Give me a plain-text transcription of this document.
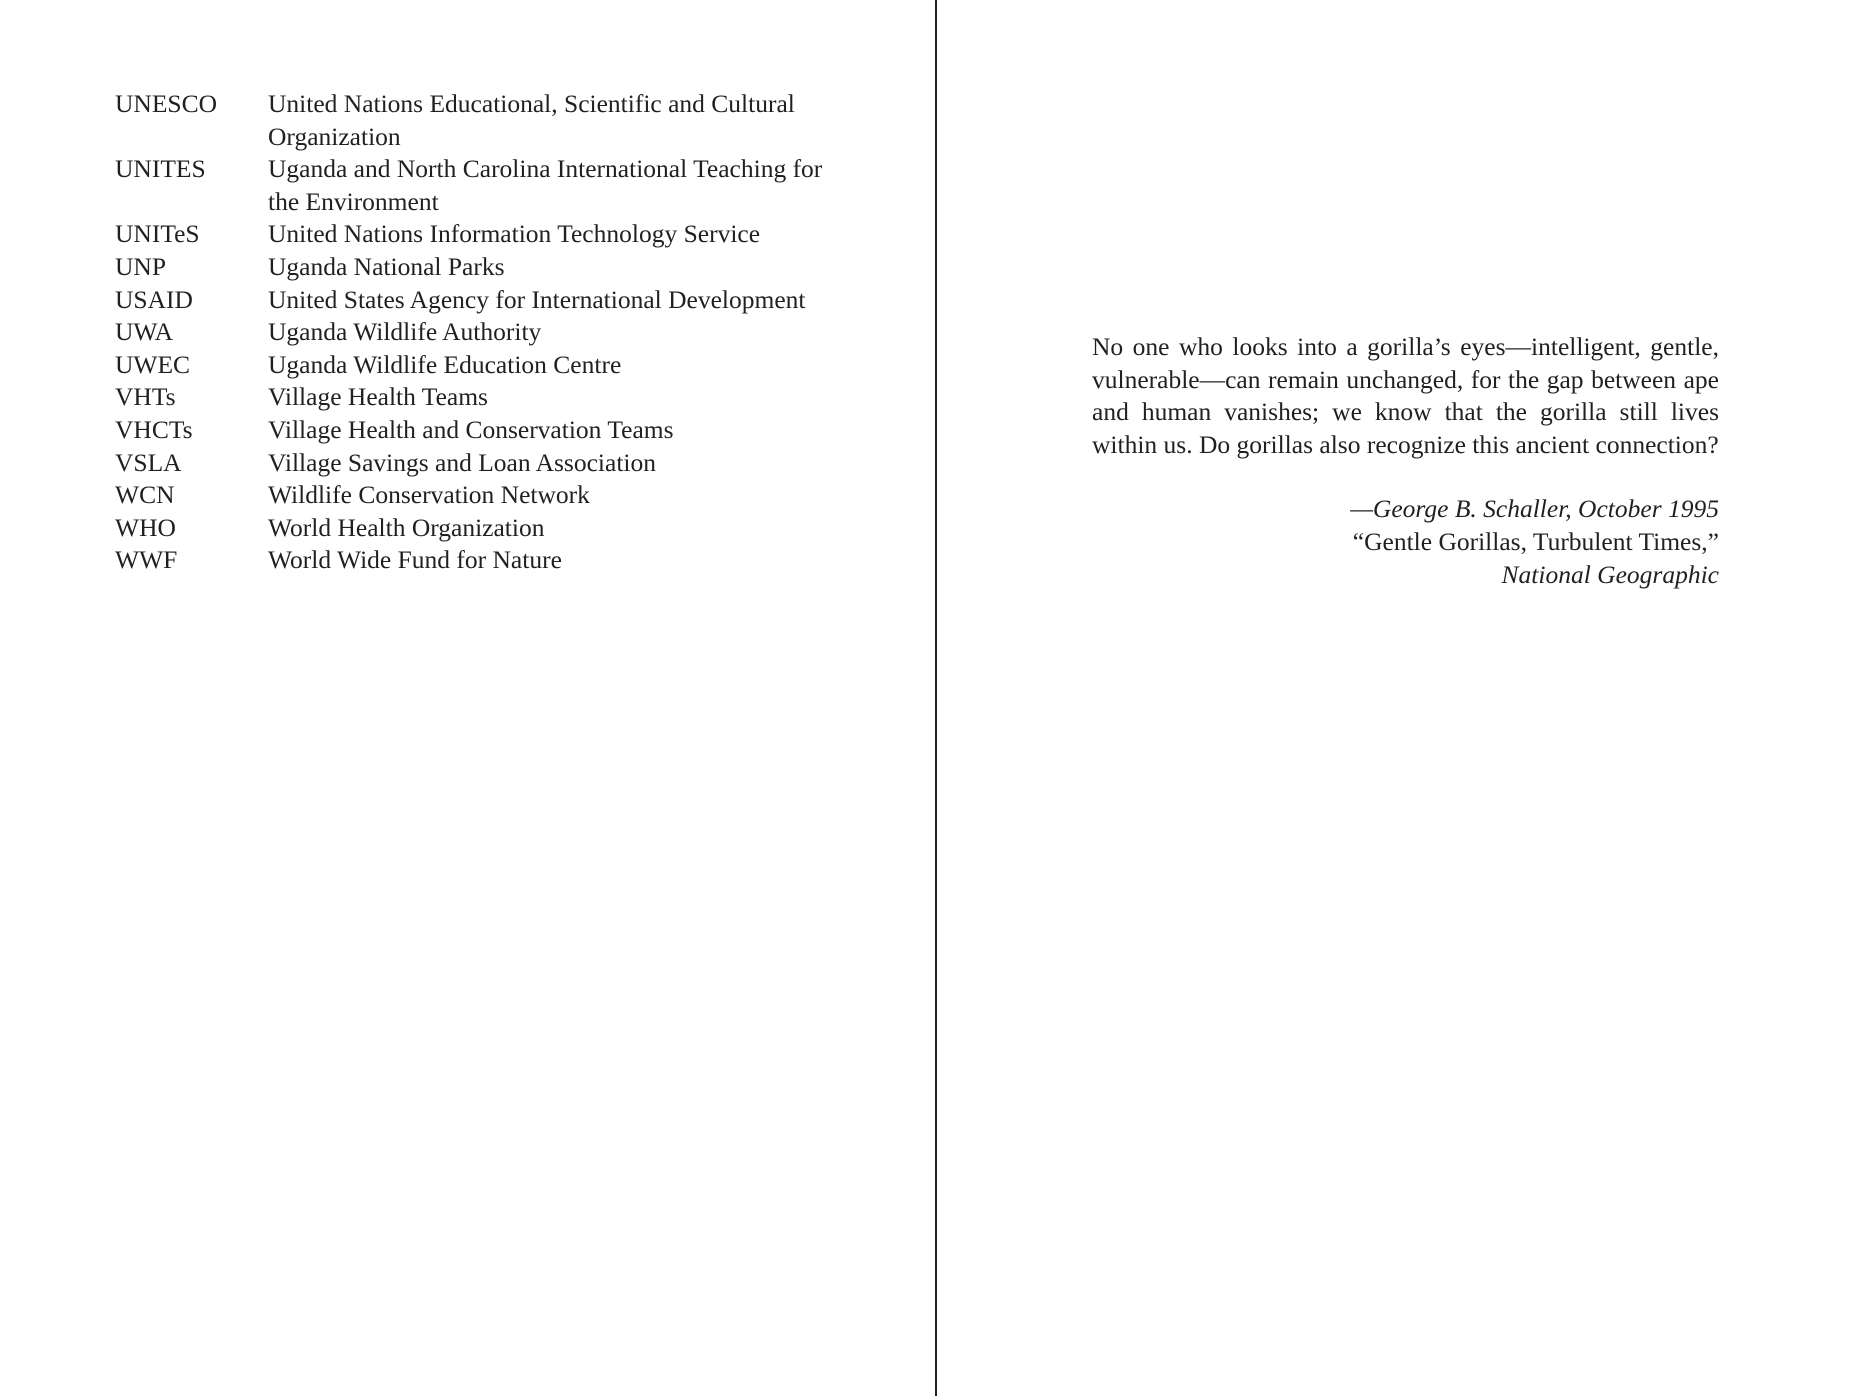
UNESCO	United Nations Educational, Scientific and Cultural Organization
UNITES	Uganda and North Carolina International Teaching for the Environment
UNITeS	United Nations Information Technology Service
UNP	Uganda National Parks
USAID	United States Agency for International Development
UWA	Uganda Wildlife Authority
UWEC	Uganda Wildlife Education Centre
VHTs	Village Health Teams
VHCTs	Village Health and Conservation Teams
VSLA	Village Savings and Loan Association
WCN	Wildlife Conservation Network
WHO	World Health Organization
WWF	World Wide Fund for Nature

No one who looks into a gorilla’s eyes—intelligent, gentle, vulnerable—can remain unchanged, for the gap between ape and human vanishes; we know that the gorilla still lives within us. Do gorillas also recognize this ancient connection?

—George B. Schaller, October 1995
“Gentle Gorillas, Turbulent Times,”
National Geographic
